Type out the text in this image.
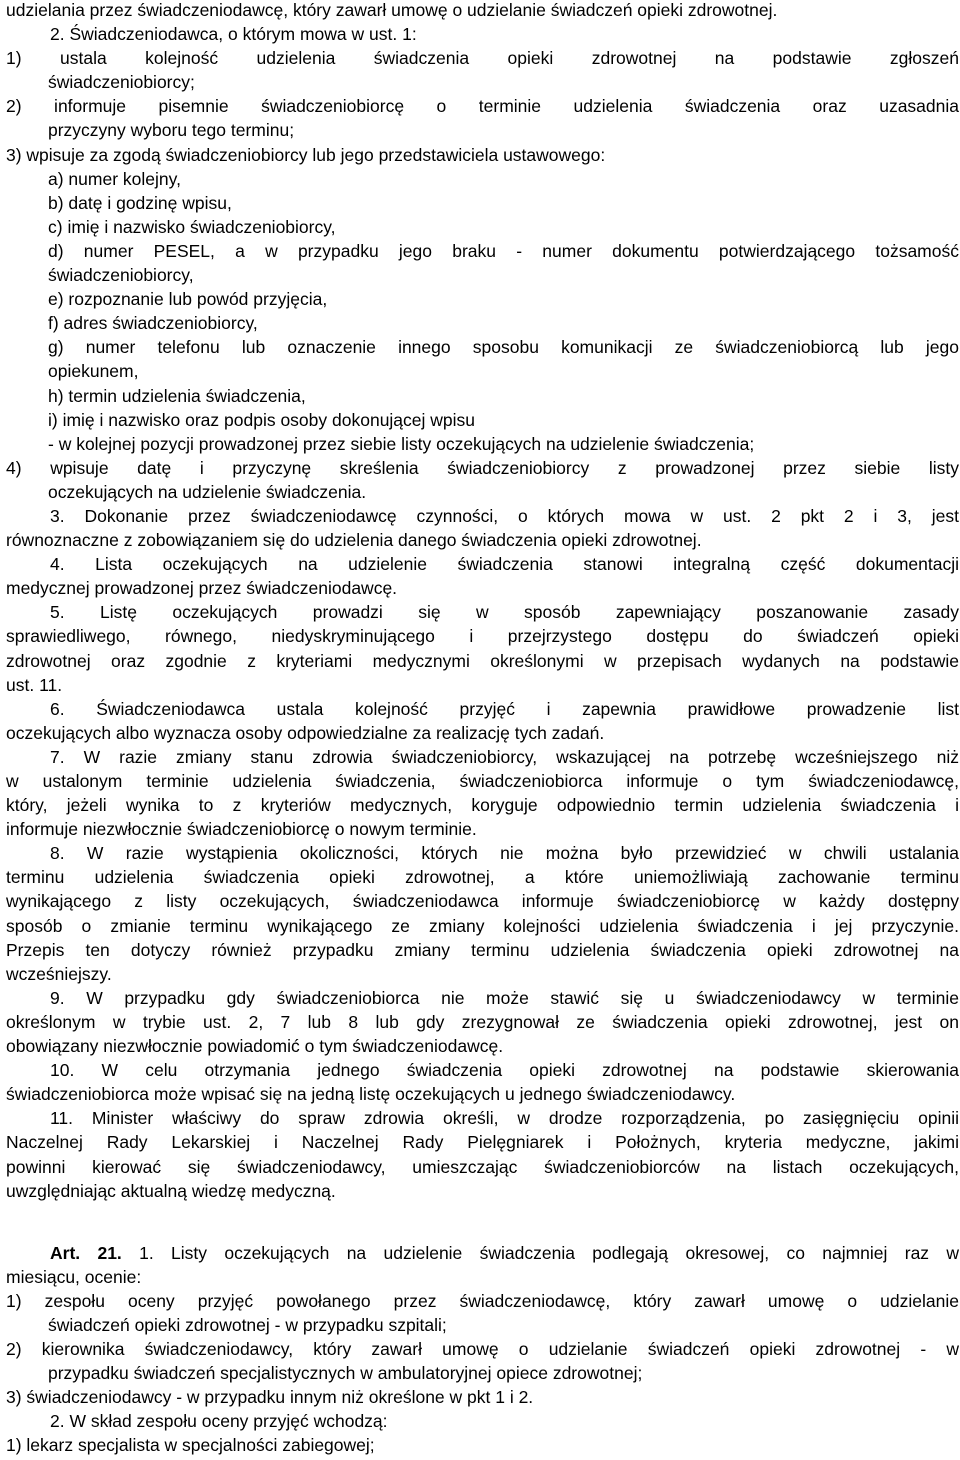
udzielania przez świadczeniodawcę, który zawarł umowę o udzielanie świadczeń opieki zdrowotnej.
2. Świadczeniodawca, o którym mowa w ust. 1:
1) ustala kolejność udzielenia świadczenia opieki zdrowotnej na podstawie zgłoszeń
świadczeniobiorcy;
2) informuje pisemnie świadczeniobiorcę o terminie udzielenia świadczenia oraz uzasadnia
przyczyny wyboru tego terminu;
3) wpisuje za zgodą świadczeniobiorcy lub jego przedstawiciela ustawowego:
a) numer kolejny,
b) datę i godzinę wpisu,
c) imię i nazwisko świadczeniobiorcy,
d) numer PESEL, a w przypadku jego braku - numer dokumentu potwierdzającego tożsamość
świadczeniobiorcy,
e) rozpoznanie lub powód przyjęcia,
f) adres świadczeniobiorcy,
g) numer telefonu lub oznaczenie innego sposobu komunikacji ze świadczeniobiorcą lub jego
opiekunem,
h) termin udzielenia świadczenia,
i) imię i nazwisko oraz podpis osoby dokonującej wpisu
- w kolejnej pozycji prowadzonej przez siebie listy oczekujących na udzielenie świadczenia;
4) wpisuje datę i przyczynę skreślenia świadczeniobiorcy z prowadzonej przez siebie listy
oczekujących na udzielenie świadczenia.
3. Dokonanie przez świadczeniodawcę czynności, o których mowa w ust. 2 pkt 2 i 3, jest
równoznaczne z zobowiązaniem się do udzielenia danego świadczenia opieki zdrowotnej.
4. Lista oczekujących na udzielenie świadczenia stanowi integralną część dokumentacji
medycznej prowadzonej przez świadczeniodawcę.
5. Listę oczekujących prowadzi się w sposób zapewniający poszanowanie zasady
sprawiedliwego, równego, niedyskryminującego i przejrzystego dostępu do świadczeń opieki
zdrowotnej oraz zgodnie z kryteriami medycznymi określonymi w przepisach wydanych na podstawie
ust. 11.
6. Świadczeniodawca ustala kolejność przyjęć i zapewnia prawidłowe prowadzenie list
oczekujących albo wyznacza osoby odpowiedzialne za realizację tych zadań.
7. W razie zmiany stanu zdrowia świadczeniobiorcy, wskazującej na potrzebę wcześniejszego niż
w ustalonym terminie udzielenia świadczenia, świadczeniobiorca informuje o tym świadczeniodawcę,
który, jeżeli wynika to z kryteriów medycznych, koryguje odpowiednio termin udzielenia świadczenia i
informuje niezwłocznie świadczeniobiorcę o nowym terminie.
8. W razie wystąpienia okoliczności, których nie można było przewidzieć w chwili ustalania
terminu udzielenia świadczenia opieki zdrowotnej, a które uniemożliwiają zachowanie terminu
wynikającego z listy oczekujących, świadczeniodawca informuje świadczeniobiorcę w każdy dostępny
sposób o zmianie terminu wynikającego ze zmiany kolejności udzielenia świadczenia i jej przyczynie.
Przepis ten dotyczy również przypadku zmiany terminu udzielenia świadczenia opieki zdrowotnej na
wcześniejszy.
9. W przypadku gdy świadczeniobiorca nie może stawić się u świadczeniodawcy w terminie
określonym w trybie ust. 2, 7 lub 8 lub gdy zrezygnował ze świadczenia opieki zdrowotnej, jest on
obowiązany niezwłocznie powiadomić o tym świadczeniodawcę.
10. W celu otrzymania jednego świadczenia opieki zdrowotnej na podstawie skierowania
świadczeniobiorca może wpisać się na jedną listę oczekujących u jednego świadczeniodawcy.
11. Minister właściwy do spraw zdrowia określi, w drodze rozporządzenia, po zasięgnięciu opinii
Naczelnej Rady Lekarskiej i Naczelnej Rady Pielęgniarek i Położnych, kryteria medyczne, jakimi
powinni kierować się świadczeniodawcy, umieszczając świadczeniobiorców na listach oczekujących,
uwzględniając aktualną wiedzę medyczną.
Art. 21. 1. Listy oczekujących na udzielenie świadczenia podlegają okresowej, co najmniej raz w
miesiącu, ocenie:
1) zespołu oceny przyjęć powołanego przez świadczeniodawcę, który zawarł umowę o udzielanie
świadczeń opieki zdrowotnej - w przypadku szpitali;
2) kierownika świadczeniodawcy, który zawarł umowę o udzielanie świadczeń opieki zdrowotnej - w
przypadku świadczeń specjalistycznych w ambulatoryjnej opiece zdrowotnej;
3) świadczeniodawcy - w przypadku innym niż określone w pkt 1 i 2.
2. W skład zespołu oceny przyjęć wchodzą:
1) lekarz specjalista w specjalności zabiegowej;
